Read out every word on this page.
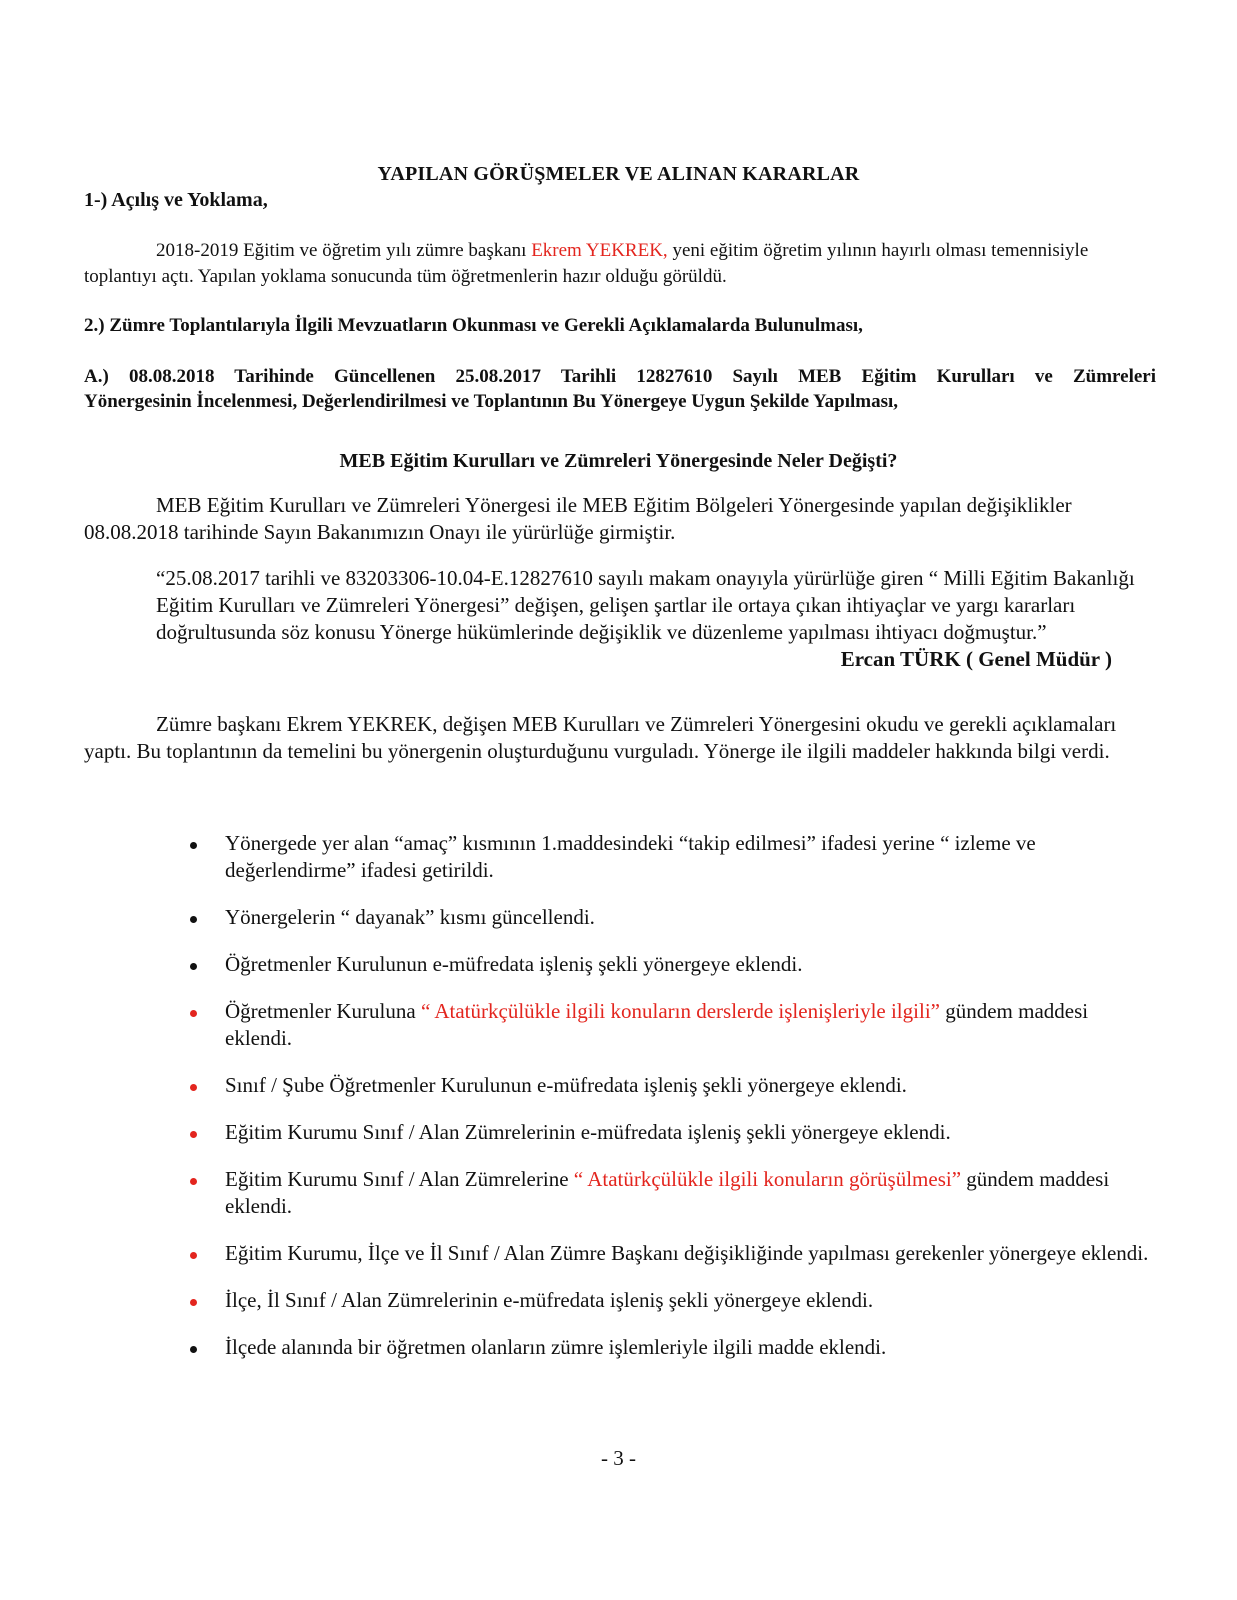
YAPILAN GÖRÜŞMELER VE ALINAN KARARLAR
1-) Açılış ve Yoklama,
2018-2019 Eğitim ve öğretim yılı zümre başkanı Ekrem YEKREK, yeni eğitim öğretim yılının hayırlı olması temennisiyle toplantıyı açtı. Yapılan yoklama sonucunda tüm öğretmenlerin hazır olduğu görüldü.
2.) Zümre Toplantılarıyla İlgili Mevzuatların Okunması ve Gerekli Açıklamalarda Bulunulması,
A.) 08.08.2018 Tarihinde Güncellenen 25.08.2017 Tarihli 12827610 Sayılı MEB Eğitim Kurulları ve Zümreleri
Yönergesinin İncelenmesi, Değerlendirilmesi ve Toplantının Bu Yönergeye Uygun Şekilde Yapılması,
MEB Eğitim Kurulları ve Zümreleri Yönergesinde Neler Değişti?
MEB Eğitim Kurulları ve Zümreleri Yönergesi ile MEB Eğitim Bölgeleri Yönergesinde yapılan değişiklikler 08.08.2018 tarihinde Sayın Bakanımızın Onayı ile yürürlüğe girmiştir.
“25.08.2017 tarihli ve 83203306-10.04-E.12827610 sayılı makam onayıyla yürürlüğe giren “ Milli Eğitim Bakanlığı Eğitim Kurulları ve Zümreleri Yönergesi” değişen, gelişen şartlar ile ortaya çıkan ihtiyaçlar ve yargı kararları doğrultusunda söz konusu Yönerge hükümlerinde değişiklik ve düzenleme yapılması ihtiyacı doğmuştur.”
Ercan TÜRK ( Genel Müdür )
Zümre başkanı Ekrem YEKREK, değişen MEB Kurulları ve Zümreleri Yönergesini okudu ve gerekli açıklamaları yaptı. Bu toplantının da temelini bu yönergenin oluşturduğunu vurguladı. Yönerge ile ilgili maddeler hakkında bilgi verdi.
Yönergede yer alan “amaç” kısmının 1.maddesindeki “takip edilmesi” ifadesi yerine “ izleme ve değerlendirme” ifadesi getirildi.
Yönergelerin “ dayanak” kısmı güncellendi.
Öğretmenler Kurulunun e-müfredata işleniş şekli yönergeye eklendi.
Öğretmenler Kuruluna “ Atatürkçülükle ilgili konuların derslerde işlenişleriyle ilgili” gündem maddesi eklendi.
Sınıf / Şube Öğretmenler Kurulunun e-müfredata işleniş şekli yönergeye eklendi.
Eğitim Kurumu Sınıf / Alan Zümrelerinin e-müfredata işleniş şekli yönergeye eklendi.
Eğitim Kurumu Sınıf / Alan Zümrelerine “ Atatürkçülükle ilgili konuların görüşülmesi” gündem maddesi eklendi.
Eğitim Kurumu, İlçe ve İl Sınıf / Alan Zümre Başkanı değişikliğinde yapılması gerekenler yönergeye eklendi.
İlçe, İl Sınıf / Alan Zümrelerinin e-müfredata işleniş şekli yönergeye eklendi.
İlçede alanında bir öğretmen olanların zümre işlemleriyle ilgili madde eklendi.
- 3 -
